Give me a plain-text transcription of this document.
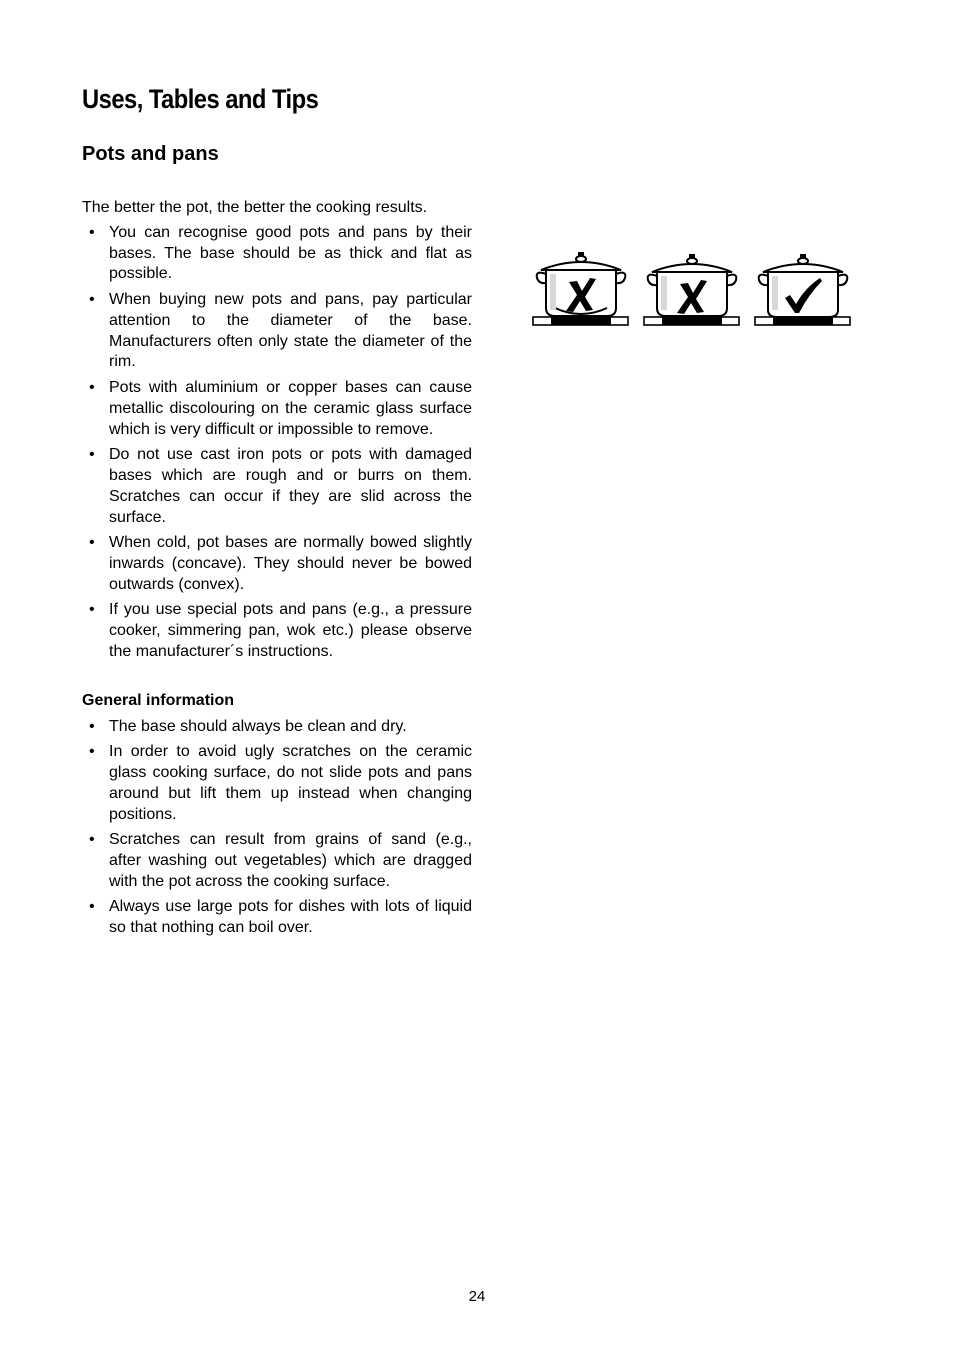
Uses, Tables and Tips
Pots and pans

The better the pot, the better the cooking results.

• You can recognise good pots and pans by their bases. The base should be as thick and flat as possible.
• When buying new pots and pans, pay particular attention to the diameter of the base. Manufacturers often only state the diameter of the rim.
• Pots with aluminium or copper bases can cause metallic discolouring on the ceramic glass surface which is very difficult or impossible to remove.
• Do not use cast iron pots or pots with damaged bases which are rough and or burrs on them. Scratches can occur if they are slid across the surface.
• When cold, pot bases are normally bowed slightly inwards (concave). They should never be bowed outwards (convex).
• If you use special pots and pans (e.g., a pressure cooker, simmering pan, wok etc.) please observe the manufacturer´s instructions.
General information
• The base should always be clean and dry.
• In order to avoid ugly scratches on the ceramic glass cooking surface, do not slide pots and pans around but lift them up instead when changing positions.
• Scratches can result from grains of sand (e.g., after washing out vegetables) which are dragged with the pot across the cooking surface.
• Always use large pots for dishes with lots of liquid so that nothing can boil over.
24
